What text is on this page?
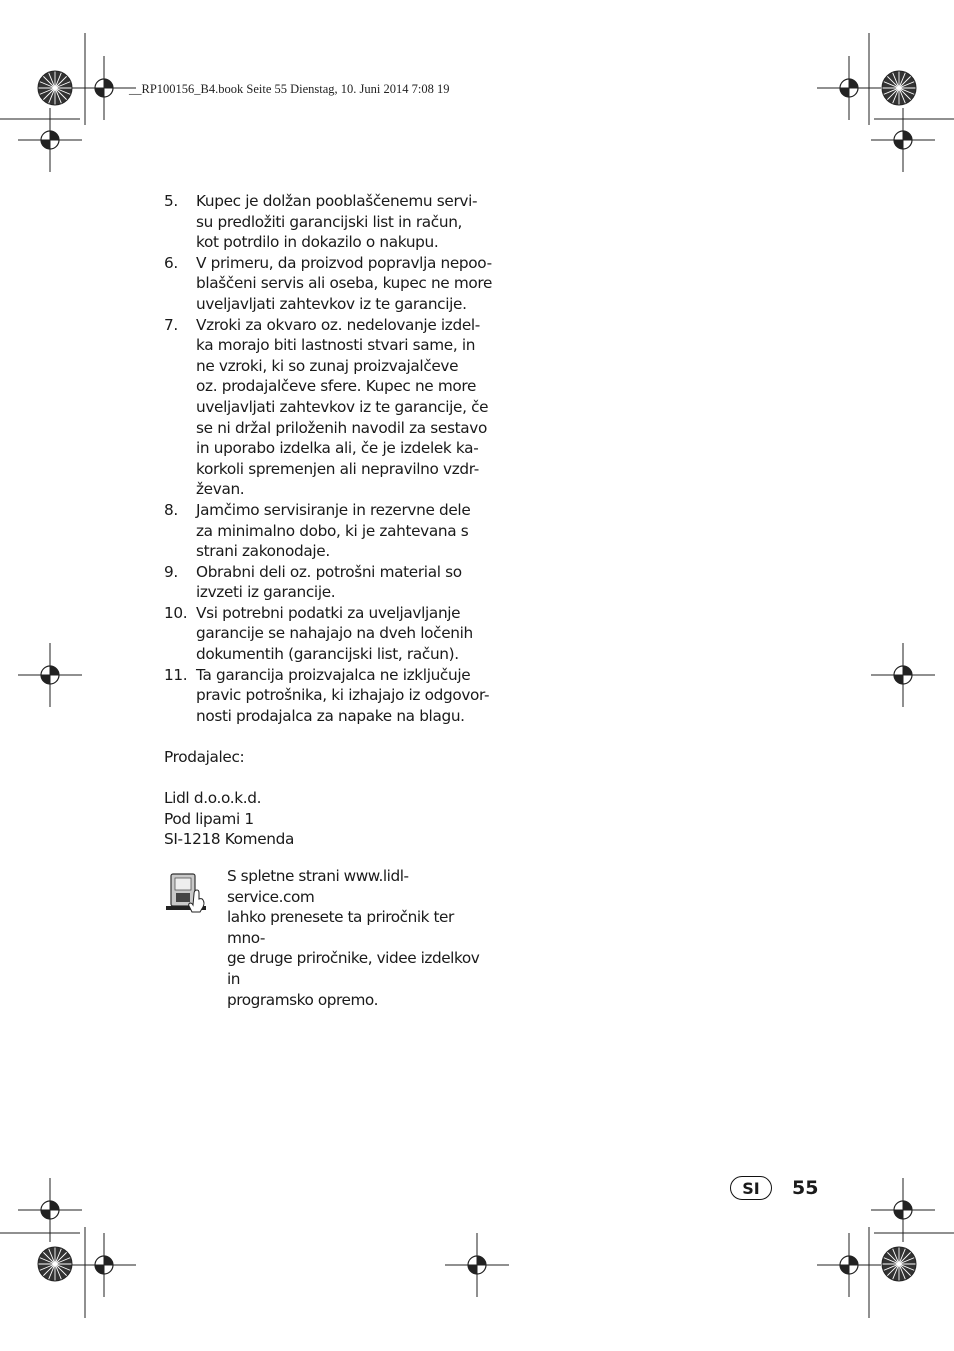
__RP100156_B4.book Seite 55 Dienstag, 10. Juni 2014 7:08 19
5.	Kupec je dolžan pooblaščenemu servi-
su predložiti garancijski list in račun,
kot potrdilo in dokazilo o nakupu.
6.	V primeru, da proizvod popravlja nepoo-
blaščeni servis ali oseba, kupec ne more
uveljavljati zahtevkov iz te garancije.
7.	Vzroki za okvaro oz. nedelovanje izdel-
ka morajo biti lastnosti stvari same, in
ne vzroki, ki so zunaj proizvajalčeve
oz. prodajalčeve sfere. Kupec ne more
uveljavljati zahtevkov iz te garancije, če
se ni držal priloženih navodil za sestavo
in uporabo izdelka ali, če je izdelek ka-
korkoli spremenjen ali nepravilno vzdr-
ževan.
8.	Jamčimo servisiranje in rezervne dele
za minimalno dobo, ki je zahtevana s
strani zakonodaje.
9.	Obrabni deli oz. potrošni material so
izvzeti iz garancije.
10. Vsi potrebni podatki za uveljavljanje
garancije se nahajajo na dveh ločenih
dokumentih (garancijski list, račun).
11. Ta garancija proizvajalca ne izključuje
pravic potrošnika, ki izhajajo iz odgovor-
nosti prodajalca za napake na blagu.
Prodajalec:
Lidl d.o.o.k.d.
Pod lipami 1
SI-1218 Komenda
S spletne strani www.lidl-service.com
lahko prenesete ta priročnik ter mno-
ge druge priročnike, videe izdelkov in
programsko opremo.
SI	55
